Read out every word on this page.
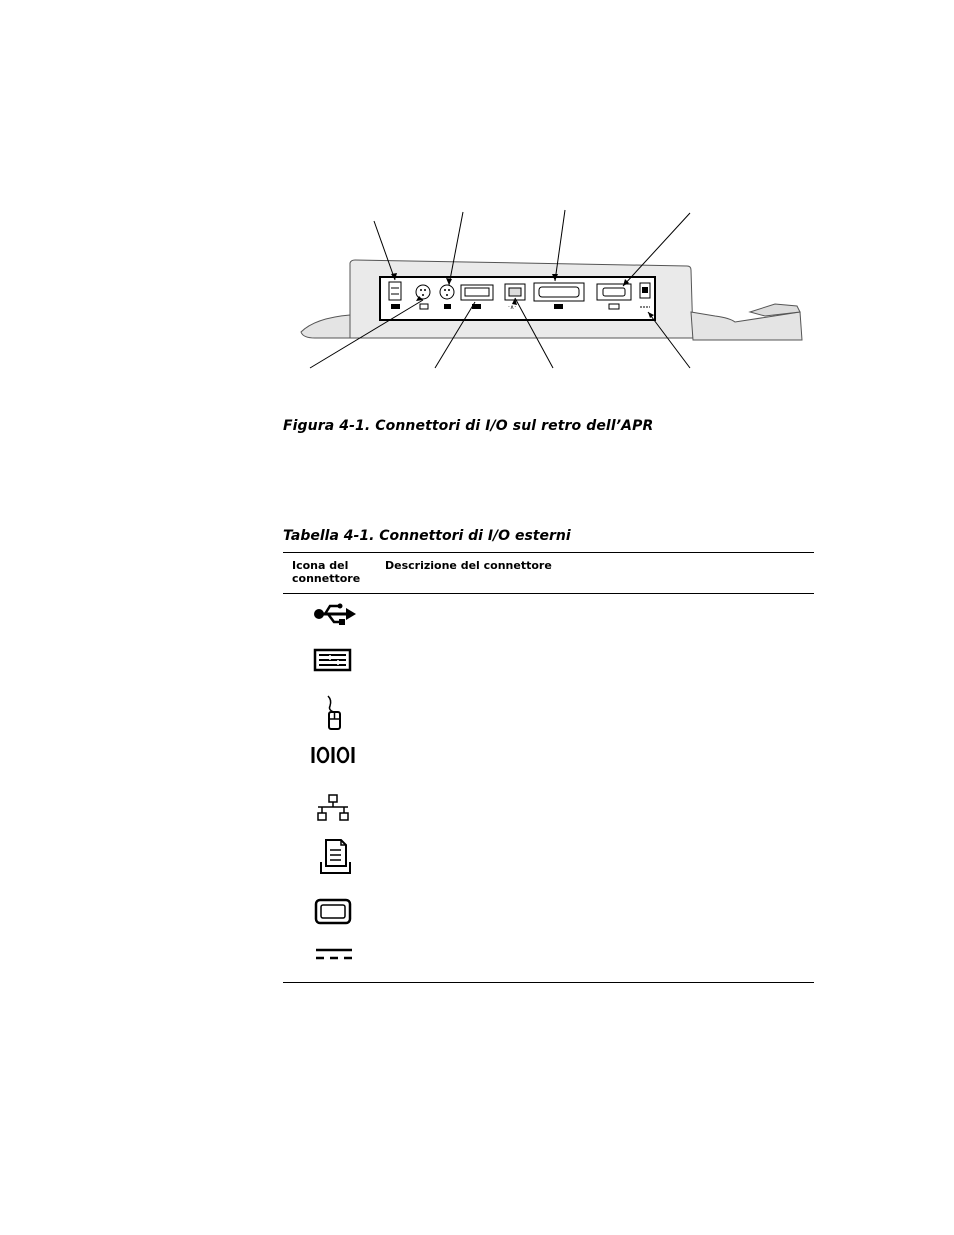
·∧·
Figura 4-1. Connettori di I/O sul retro dell’APR
Tabella 4-1. Connettori di I/O esterni
Icona del
connettore
Descrizione del connettore
